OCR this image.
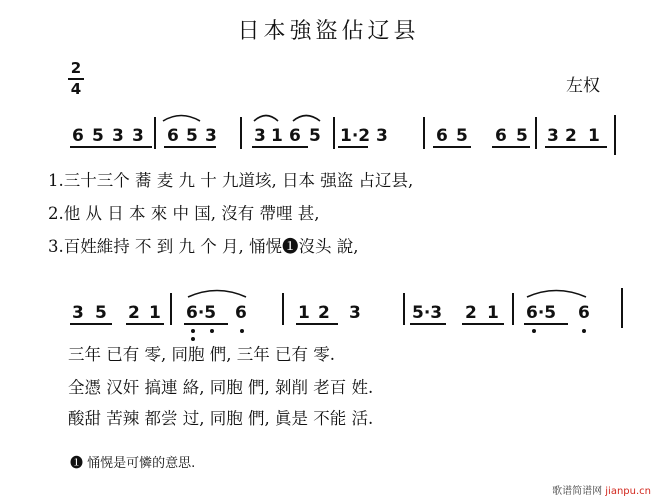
日本強盜佔辽县
2
4	左权
6 5 3 3 6 5 3 3 1 6 5 1·2 3	6 5 6 5 3 2 1
3 5 2 1 6·5 6	1 2 3	5·3 2 1 6·5 6
1.三十三个 蕎 麦 九 十 九道垓, 日本 强盗 占辽县,
2.他 从 日 本 來 中 国, 沒有 帶哩 甚,
3.百姓維持 不 到 九 个 月, 悀愰❶沒头 說,
三年 已有 零, 同胞 們, 三年 已有 零.
全憑 汉奸 搞連 絡, 同胞 們, 剝削 老百 姓.
酸甜 苦辣 都尝 过, 同胞 們, 眞是 不能 活.
❶ 悀愰是可憐的意思.
歌谱简谱网 jianpu.cn
